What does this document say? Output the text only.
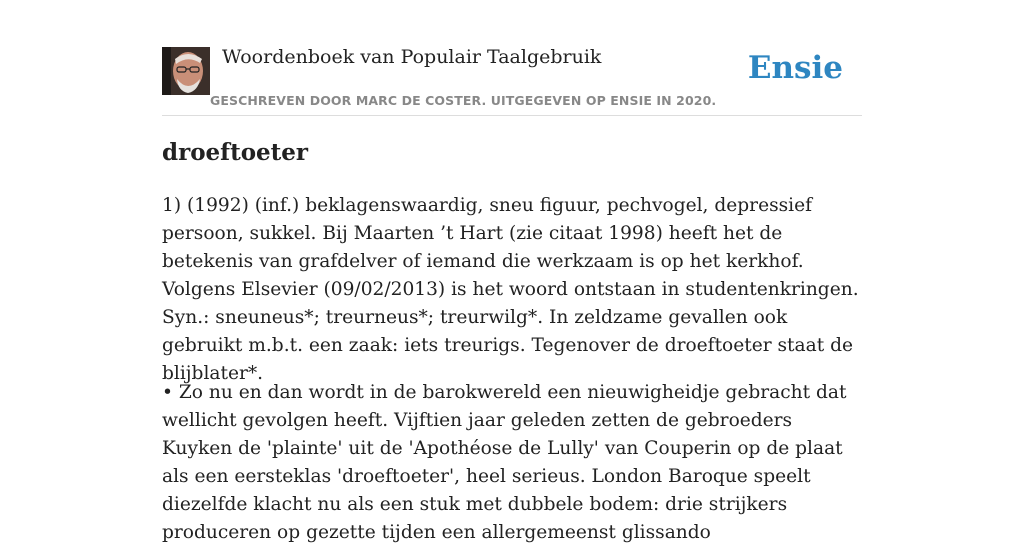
Woordenboek van Populair Taalgebruik
GESCHREVEN DOOR MARC DE COSTER. UITGEGEVEN OP ENSIE IN 2020.
Ensie
droeftoeter

1) (1992) (inf.) beklagenswaardig, sneu figuur, pechvogel, depressief persoon, sukkel. Bij Maarten ’t Hart (zie citaat 1998) heeft het de betekenis van grafdelver of iemand die werkzaam is op het kerkhof. Volgens Elsevier (09/02/2013) is het woord ontstaan in studentenkringen. Syn.: sneuneus*; treurneus*; treurwilg*. In zeldzame gevallen ook gebruikt m.b.t. een zaak: iets treurigs. Tegenover de droeftoeter staat de blijblater*.

• Zo nu en dan wordt in de barokwereld een nieuwigheidje gebracht dat wellicht gevolgen heeft. Vijftien jaar geleden zetten de gebroeders Kuyken de 'plainte' uit de 'Apothéose de Lully' van Couperin op de plaat als een eersteklas 'droeftoeter', heel serieus. London Baroque speelt diezelfde klacht nu als een stuk met dubbele bodem: drie strijkers produceren op gezette tijden een allergemeenst glissando
